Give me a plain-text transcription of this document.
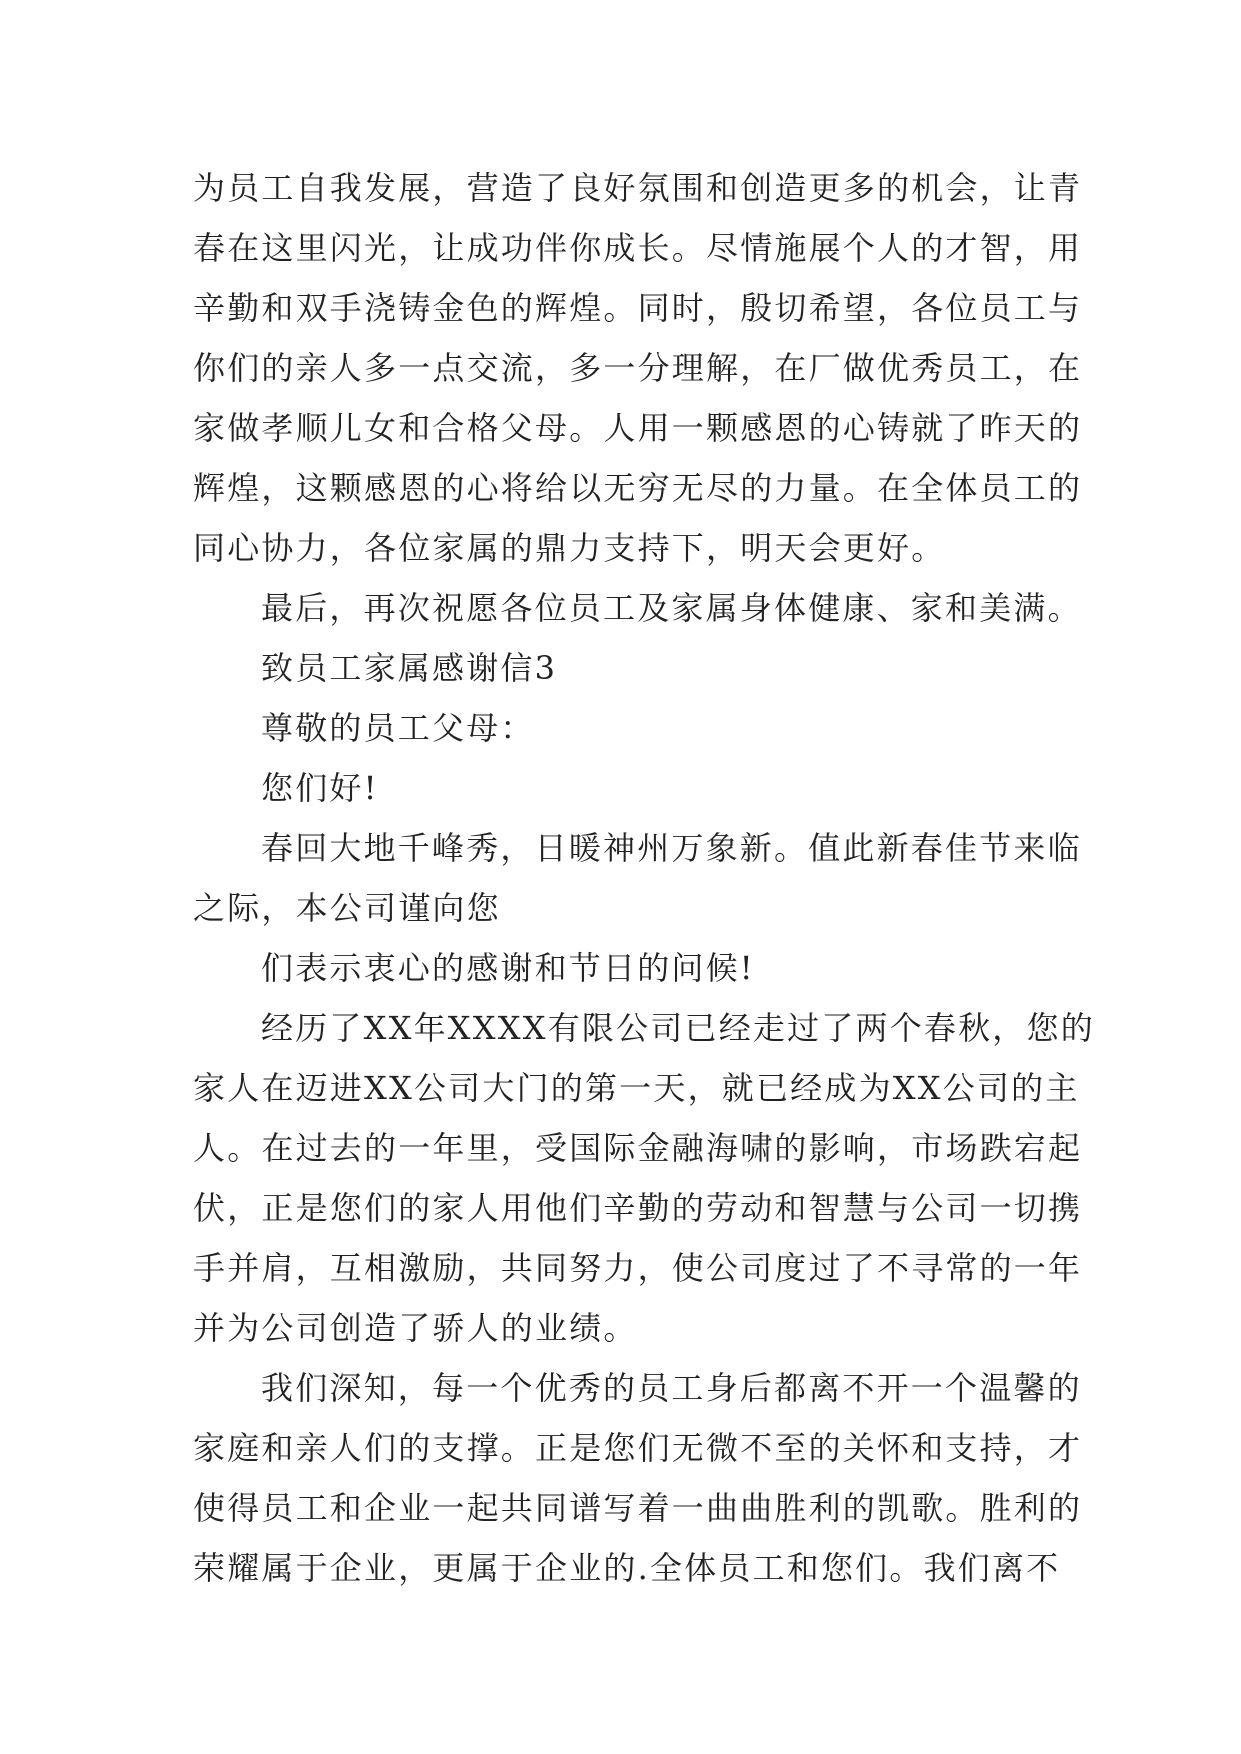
为员工自我发展，营造了良好氛围和创造更多的机会，让青
春在这里闪光，让成功伴你成长。尽情施展个人的才智，用
辛勤和双手浇铸金色的辉煌。同时，殷切希望，各位员工与
你们的亲人多一点交流，多一分理解，在厂做优秀员工，在
家做孝顺儿女和合格父母。人用一颗感恩的心铸就了昨天的
辉煌，这颗感恩的心将给以无穷无尽的力量。在全体员工的
同心协力，各位家属的鼎力支持下，明天会更好。
最后，再次祝愿各位员工及家属身体健康、家和美满。
致员工家属感谢信3
尊敬的员工父母：
您们好!
春回大地千峰秀，日暖神州万象新。值此新春佳节来临
之际，本公司谨向您
们表示衷心的感谢和节日的问候!
经历了XX年XXXX有限公司已经走过了两个春秋，您的
家人在迈进XX公司大门的第一天，就已经成为XX公司的主
人。在过去的一年里，受国际金融海啸的影响，市场跌宕起
伏，正是您们的家人用他们辛勤的劳动和智慧与公司一切携
手并肩，互相激励，共同努力，使公司度过了不寻常的一年
并为公司创造了骄人的业绩。
我们深知，每一个优秀的员工身后都离不开一个温馨的
家庭和亲人们的支撑。正是您们无微不至的关怀和支持，才
使得员工和企业一起共同谱写着一曲曲胜利的凯歌。胜利的
荣耀属于企业，更属于企业的.全体员工和您们。我们离不
